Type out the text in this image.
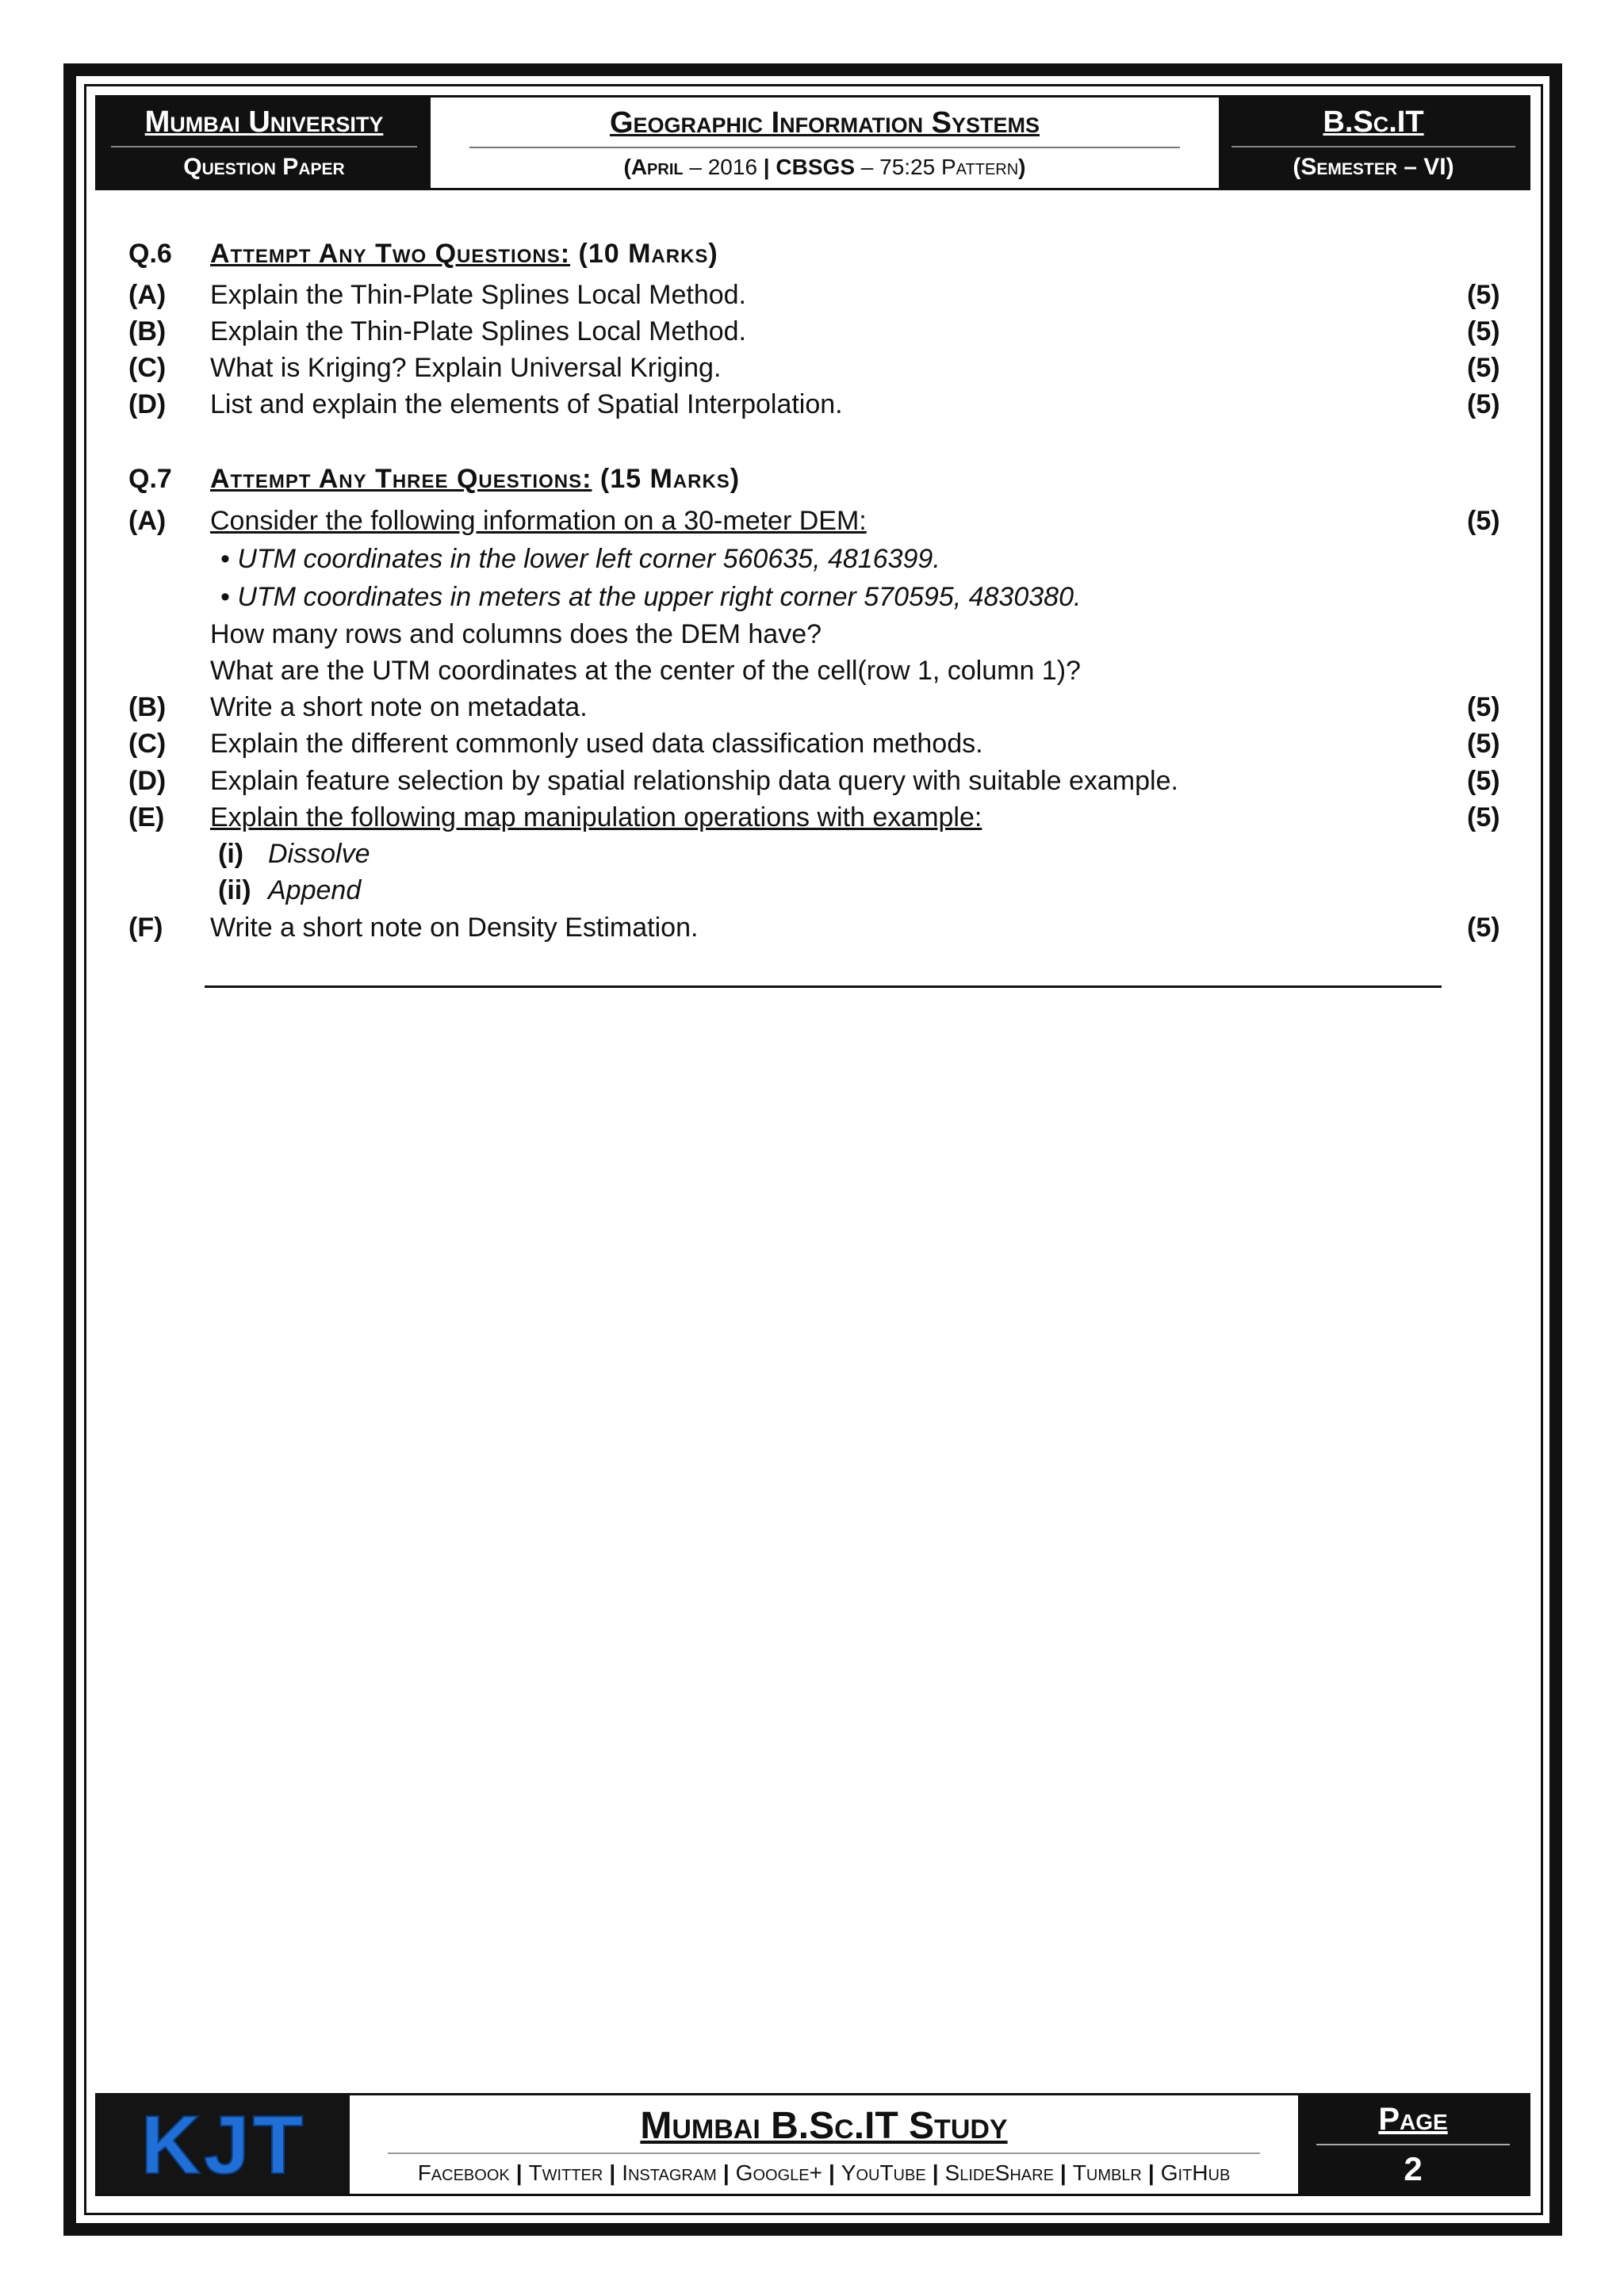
Mumbai University
Question Paper
Geographic Information Systems
(April – 2016 | CBSGS – 75:25 Pattern)
B.Sc.IT
(Semester – VI)
Q.6 Attempt Any Two Questions: (10 Marks)
(A) Explain the Thin-Plate Splines Local Method.	(5)
(B) Explain the Thin-Plate Splines Local Method.	(5)
(C) What is Kriging? Explain Universal Kriging.	(5)
(D) List and explain the elements of Spatial Interpolation.	(5)
Q.7 Attempt Any Three Questions: (15 Marks)
(A) Consider the following information on a 30-meter DEM:	(5)
• UTM coordinates in the lower left corner 560635, 4816399.
• UTM coordinates in meters at the upper right corner 570595, 4830380.
How many rows and columns does the DEM have?
What are the UTM coordinates at the center of the cell(row 1, column 1)?
(B) Write a short note on metadata.	(5)
(C) Explain the different commonly used data classification methods.	(5)
(D) Explain feature selection by spatial relationship data query with suitable example.	(5)
(E) Explain the following map manipulation operations with example:	(5)
(i) Dissolve
(ii) Append
(F) Write a short note on Density Estimation.	(5)
KJT	Mumbai B.Sc.IT Study
Facebook | Twitter | Instagram | Google+ | YouTube | SlideShare | Tumblr | GitHub
Page
2
